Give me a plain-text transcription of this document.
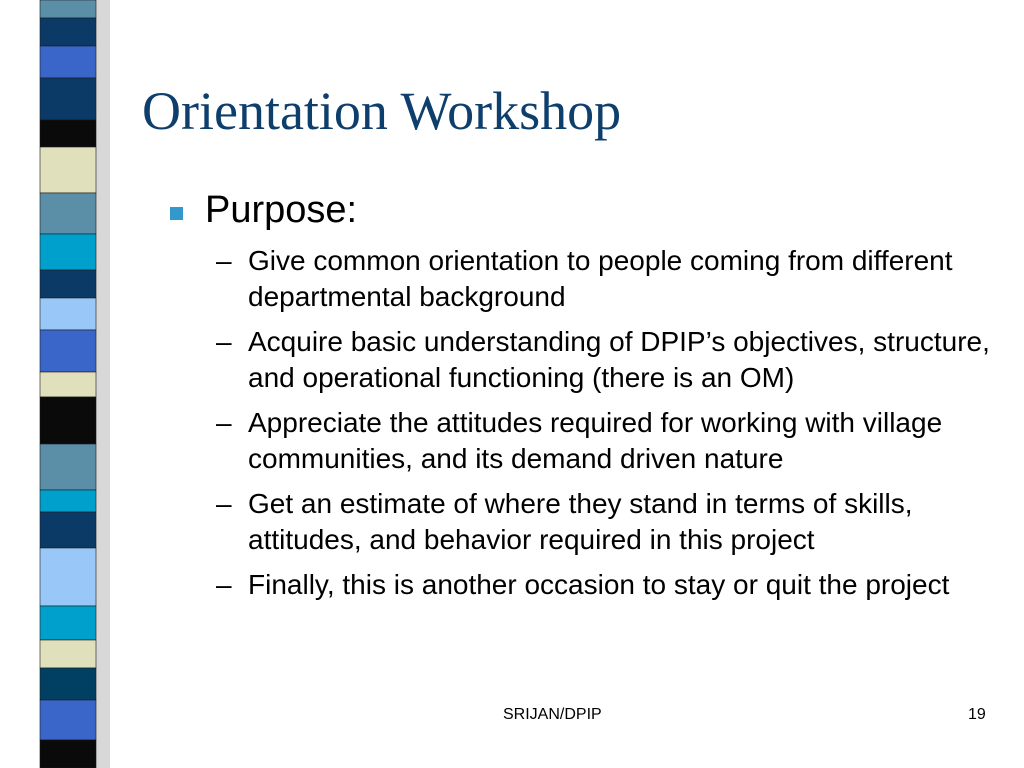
Orientation Workshop
Purpose:
– Give common orientation to people coming from different departmental background
– Acquire basic understanding of DPIP’s objectives, structure, and operational functioning (there is an OM)
– Appreciate the attitudes required for working with village communities, and its demand driven nature
– Get an estimate of where they stand in terms of skills, attitudes, and behavior required in this project
– Finally, this is another occasion to stay or quit the project
SRIJAN/DPIP	19
